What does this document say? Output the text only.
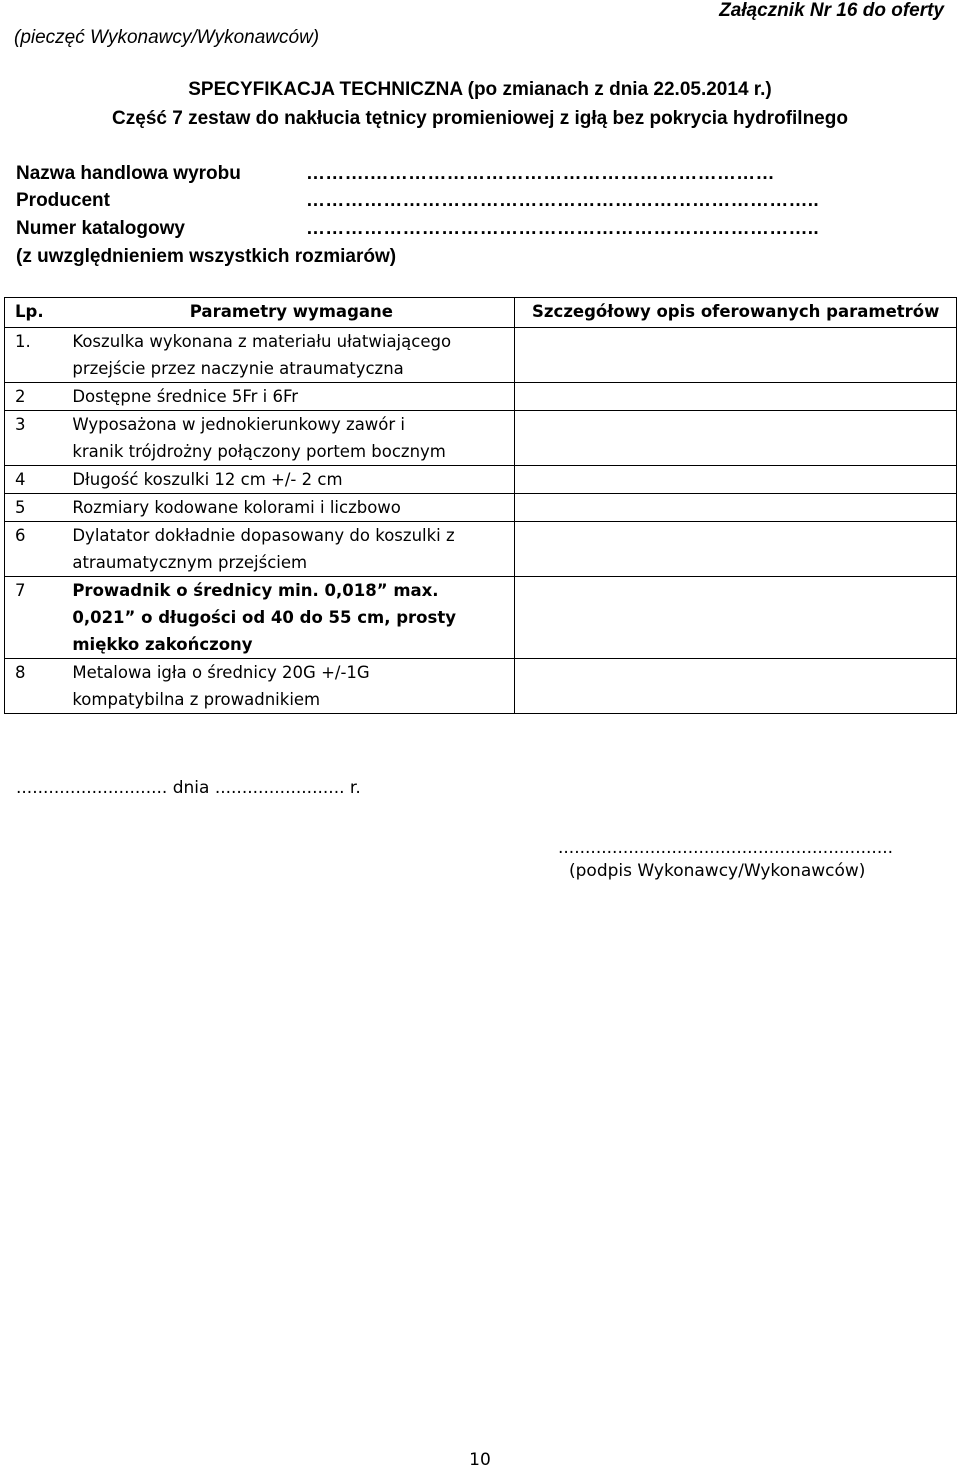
(pieczęć Wykonawcy/Wykonawców)
Załącznik Nr 16 do oferty
SPECYFIKACJA TECHNICZNA (po zmianach z dnia 22.05.2014 r.)
Część 7 zestaw do nakłucia tętnicy promieniowej z igłą bez pokrycia hydrofilnego
Nazwa handlowa wyrobu	……….………………………………………………………
Producent	……………………………………………………………………..
Numer katalogowy	……………………………………………………………………..
(z uwzględnieniem wszystkich rozmiarów)
Lp.	Parametry wymagane	Szczegółowy opis oferowanych parametrów
1.	Koszulka wykonana z materiału ułatwiającego
przejście przez naczynie atraumatyczna	

2	Dostępne średnice 5Fr i 6Fr	

3	Wyposażona w jednokierunkowy zawór i
kranik trójdrożny połączony portem bocznym	

4	Długość koszulki 12 cm +/- 2 cm	

5	Rozmiary kodowane kolorami i liczbowo	

6	Dylatator dokładnie dopasowany do koszulki z
atraumatycznym przejściem	

7	Prowadnik o średnicy min. 0,018” max.
0,021” o długości od 40 do 55 cm, prosty
miękko zakończony	

8	Metalowa igła o średnicy 20G +/-1G
kompatybilna z prowadnikiem	

............................ dnia ........................ r.
..............................................................
(podpis Wykonawcy/Wykonawców)
10
